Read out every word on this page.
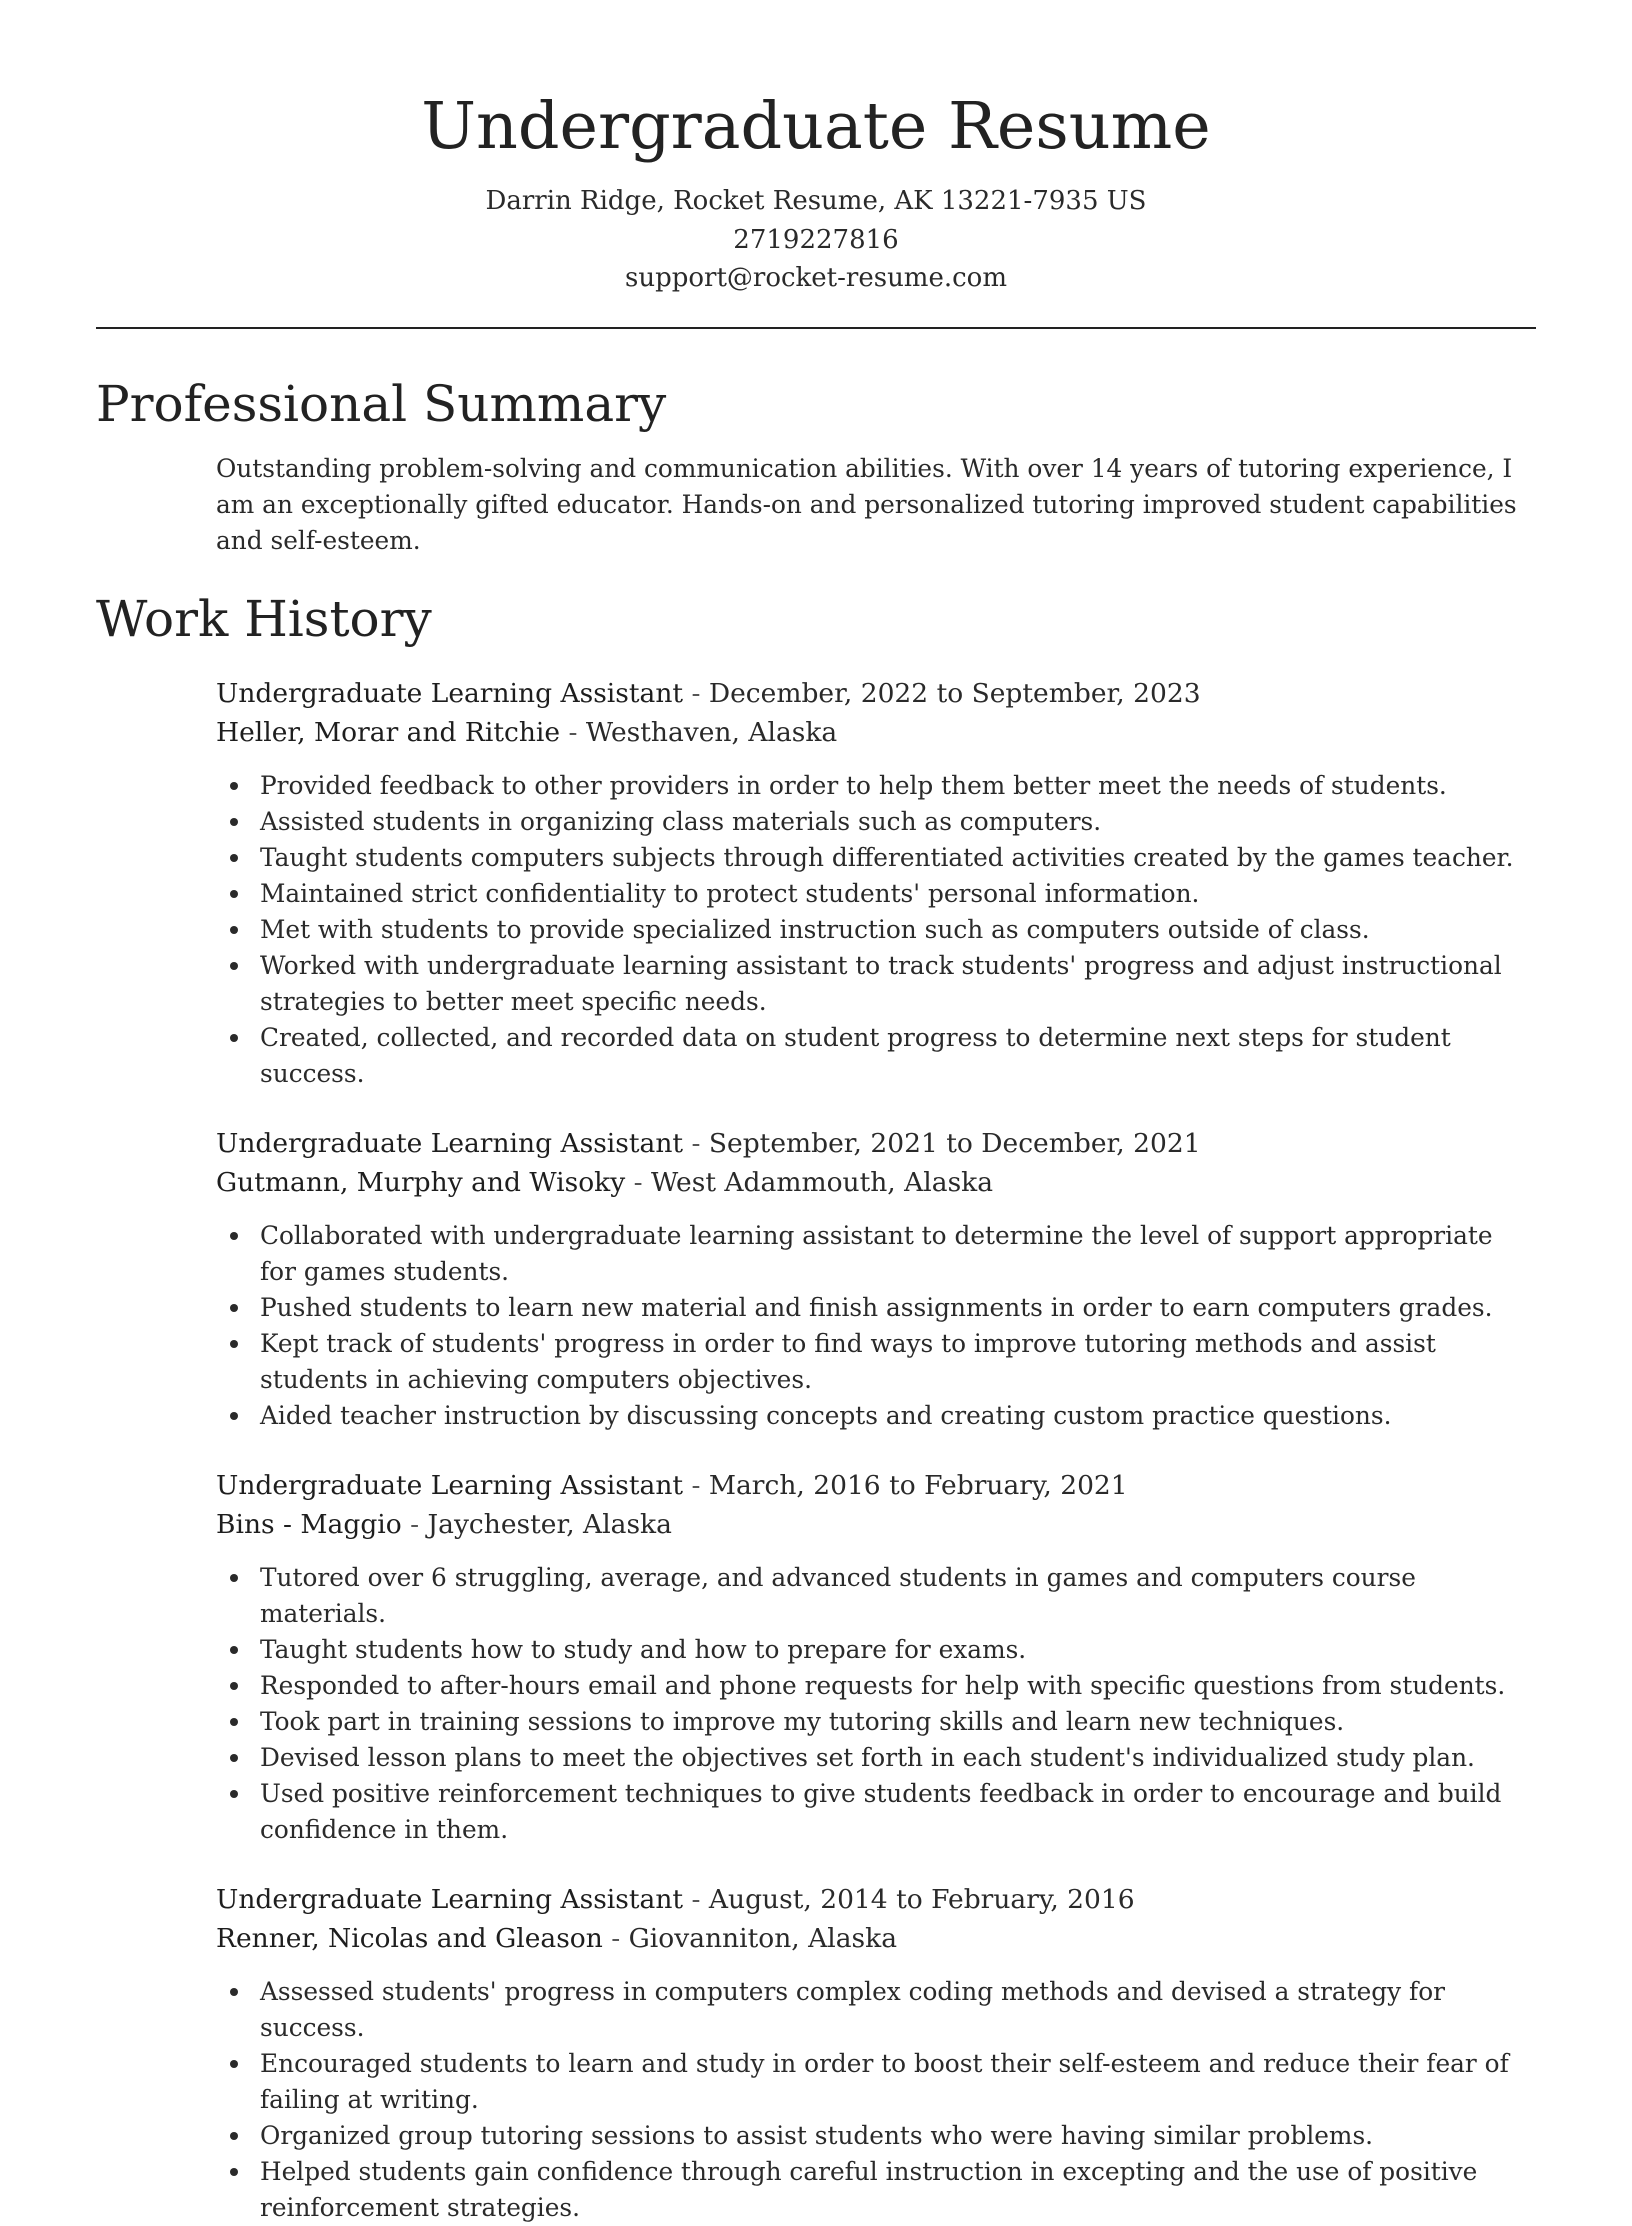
Undergraduate Resume
Darrin Ridge, Rocket Resume, AK 13221-7935 US
2719227816
support@rocket-resume.com
Professional Summary

Outstanding problem-solving and communication abilities. With over 14 years of tutoring experience, I am an exceptionally gifted educator. Hands-on and personalized tutoring improved student capabilities and self-esteem.

Work History
Undergraduate Learning Assistant - December, 2022 to September, 2023
Heller, Morar and Ritchie - Westhaven, Alaska
Provided feedback to other providers in order to help them better meet the needs of students.
Assisted students in organizing class materials such as computers.
Taught students computers subjects through differentiated activities created by the games teacher.
Maintained strict confidentiality to protect students' personal information.
Met with students to provide specialized instruction such as computers outside of class.
Worked with undergraduate learning assistant to track students' progress and adjust instructional strategies to better meet specific needs.
Created, collected, and recorded data on student progress to determine next steps for student success.
Undergraduate Learning Assistant - September, 2021 to December, 2021
Gutmann, Murphy and Wisoky - West Adammouth, Alaska
Collaborated with undergraduate learning assistant to determine the level of support appropriate for games students.
Pushed students to learn new material and finish assignments in order to earn computers grades.
Kept track of students' progress in order to find ways to improve tutoring methods and assist students in achieving computers objectives.
Aided teacher instruction by discussing concepts and creating custom practice questions.
Undergraduate Learning Assistant - March, 2016 to February, 2021
Bins - Maggio - Jaychester, Alaska
Tutored over 6 struggling, average, and advanced students in games and computers course materials.
Taught students how to study and how to prepare for exams.
Responded to after-hours email and phone requests for help with specific questions from students.
Took part in training sessions to improve my tutoring skills and learn new techniques.
Devised lesson plans to meet the objectives set forth in each student's individualized study plan.
Used positive reinforcement techniques to give students feedback in order to encourage and build confidence in them.
Undergraduate Learning Assistant - August, 2014 to February, 2016
Renner, Nicolas and Gleason - Giovanniton, Alaska
Assessed students' progress in computers complex coding methods and devised a strategy for success.
Encouraged students to learn and study in order to boost their self-esteem and reduce their fear of failing at writing.
Organized group tutoring sessions to assist students who were having similar problems.
Helped students gain confidence through careful instruction in excepting and the use of positive reinforcement strategies.
